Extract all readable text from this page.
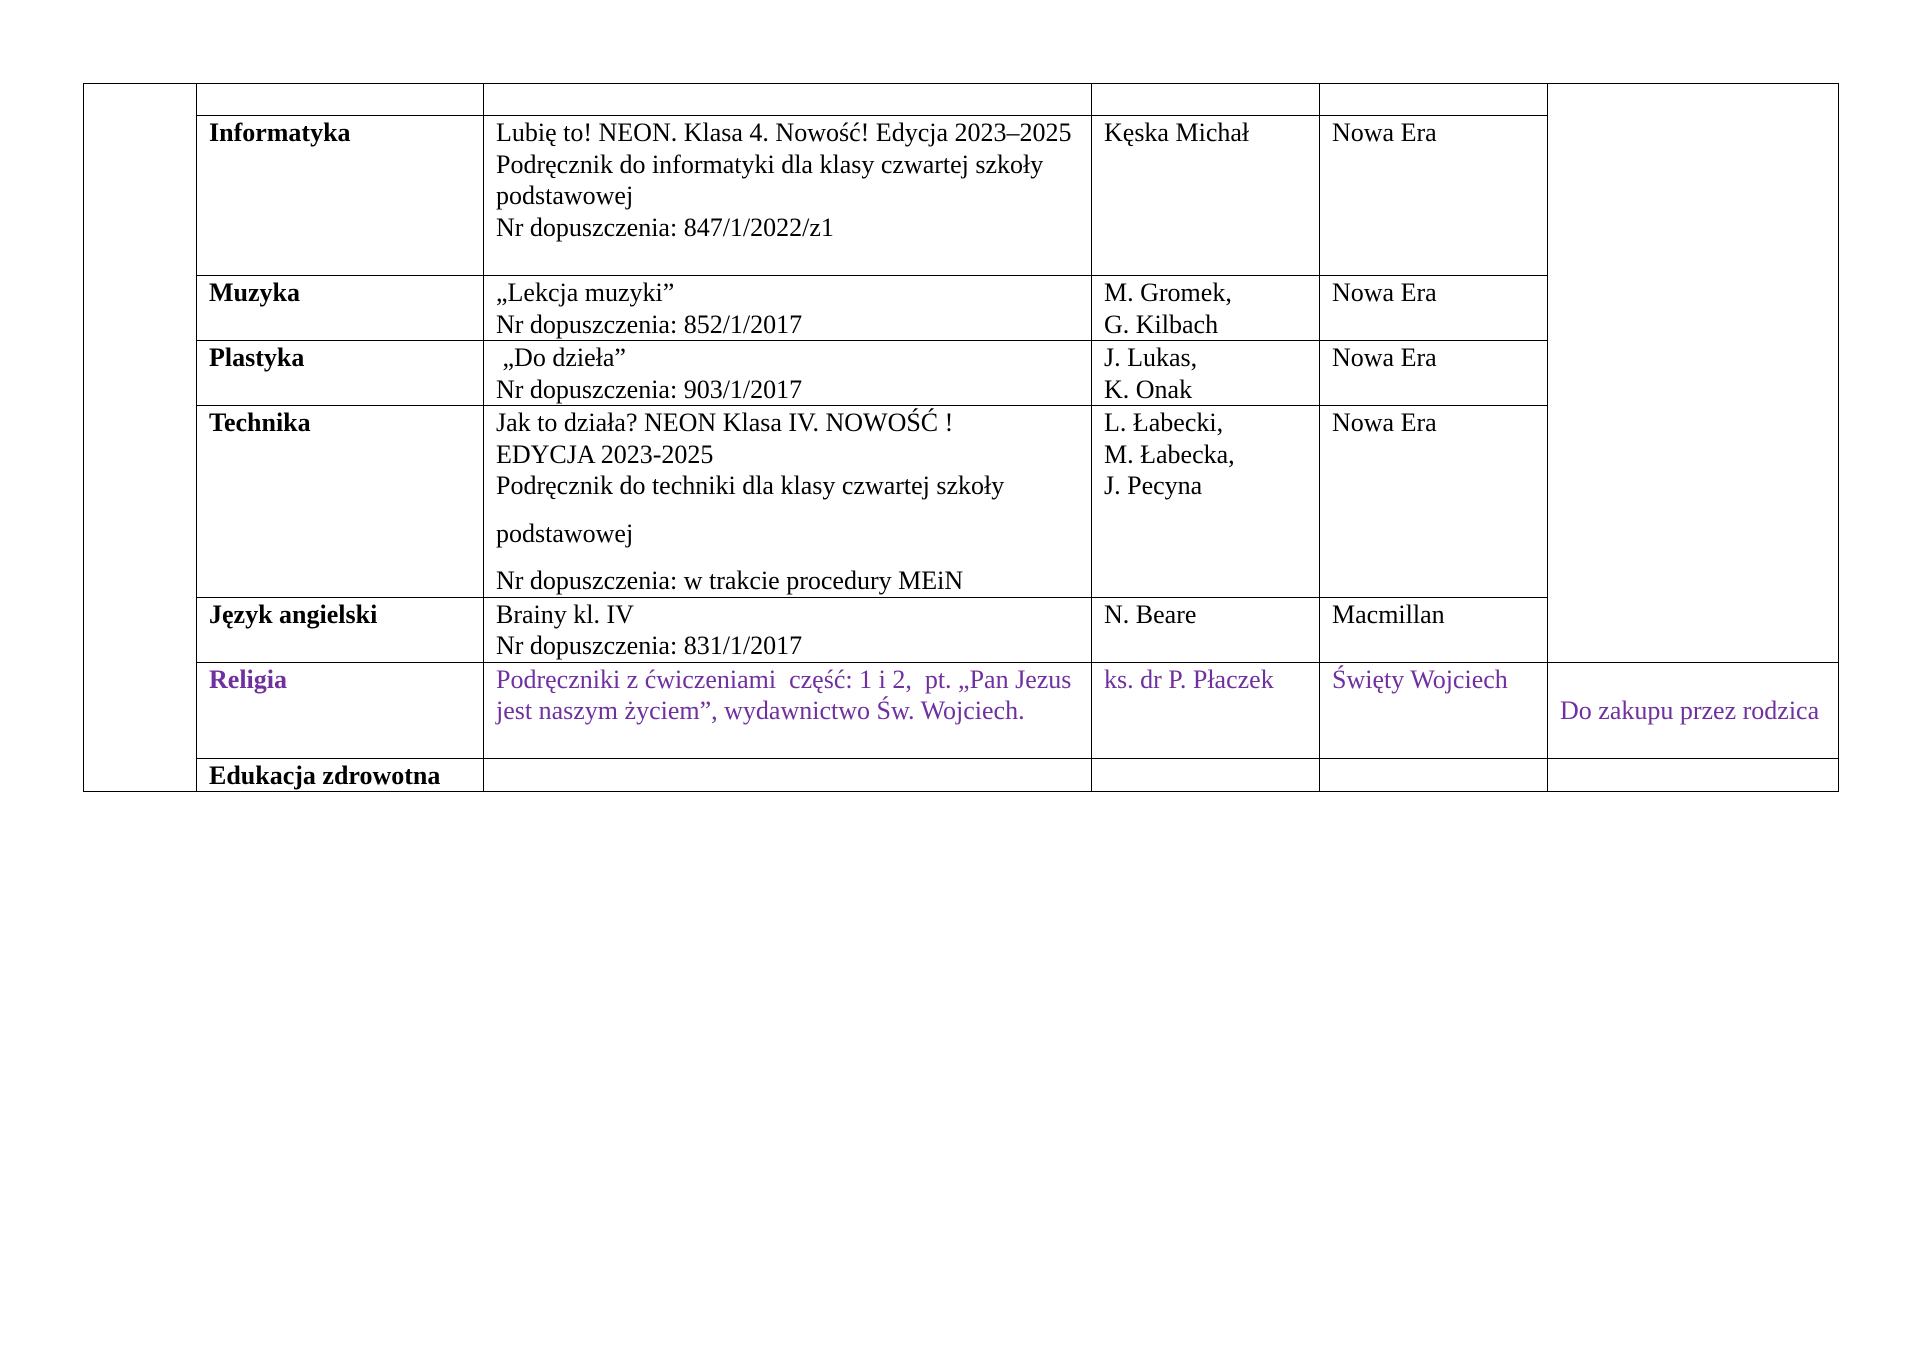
	Informatyka	Lubię to! NEON. Klasa 4. Nowość! Edycja 2023–2025
Podręcznik do informatyki dla klasy czwartej szkoły podstawowej
Nr dopuszczenia: 847/1/2022/z1	Kęska Michał	Nowa Era	
	Muzyka	„Lekcja muzyki”
Nr dopuszczenia: 852/1/2017	M. Gromek,
G. Kilbach	Nowa Era	
	Plastyka	„Do dzieła”
Nr dopuszczenia: 903/1/2017	J. Lukas,
K. Onak	Nowa Era	
	Technika	Jak to działa? NEON Klasa IV. NOWOŚĆ !
EDYCJA 2023-2025
Podręcznik do techniki dla klasy czwartej szkoły
podstawowej
Nr dopuszczenia: w trakcie procedury MEiN	L. Łabecki,
M. Łabecka,
J. Pecyna	Nowa Era	
	Język angielski	Brainy kl. IV
Nr dopuszczenia: 831/1/2017	N. Beare	Macmillan	
	Religia	Podręczniki z ćwiczeniami  część: 1 i 2,  pt. „Pan Jezus jest naszym życiem”, wydawnictwo Św. Wojciech.	ks. dr P. Płaczek	Święty Wojciech	Do zakupu przez rodzica
	Edukacja zdrowotna	
